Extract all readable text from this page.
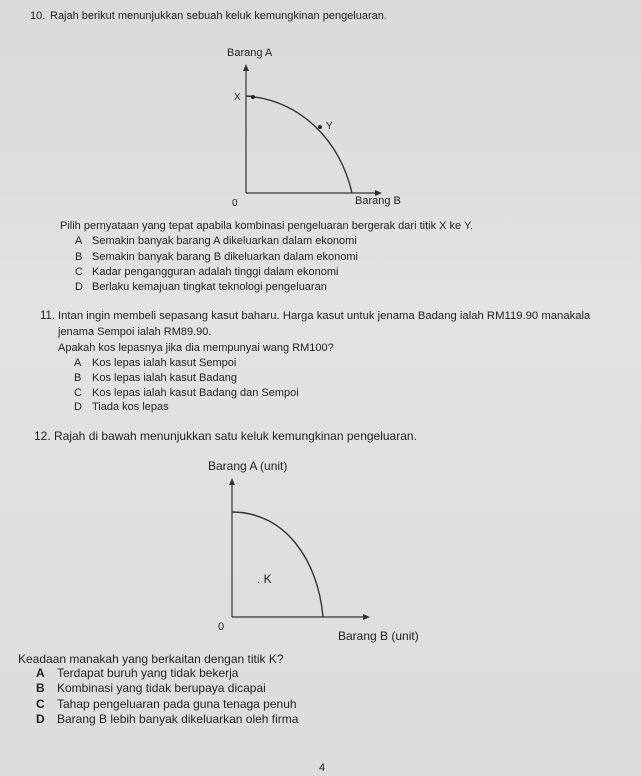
10. Rajah berikut menunjukkan sebuah keluk kemungkinan pengeluaran.
Barang A
Barang B
0
X
Y
Pilih pernyataan yang tepat apabila kombinasi pengeluaran bergerak dari titik X ke Y.
A Semakin banyak barang A dikeluarkan dalam ekonomi
B Semakin banyak barang B dikeluarkan dalam ekonomi
C Kadar pengangguran adalah tinggi dalam ekonomi
D Berlaku kemajuan tingkat teknologi pengeluaran
11. Intan ingin membeli sepasang kasut baharu. Harga kasut untuk jenama Badang ialah RM119.90 manakala
jenama Sempoi ialah RM89.90.
Apakah kos lepasnya jika dia mempunyai wang RM100?
A Kos lepas ialah kasut Sempoi
B Kos lepas ialah kasut Badang
C Kos lepas ialah kasut Badang dan Sempoi
D Tiada kos lepas
12. Rajah di bawah menunjukkan satu keluk kemungkinan pengeluaran.
Barang A (unit)
Barang B (unit)
0
. K
Keadaan manakah yang berkaitan dengan titik K?
A Terdapat buruh yang tidak bekerja
B Kombinasi yang tidak berupaya dicapai
C Tahap pengeluaran pada guna tenaga penuh
D Barang B lebih banyak dikeluarkan oleh firma
4
